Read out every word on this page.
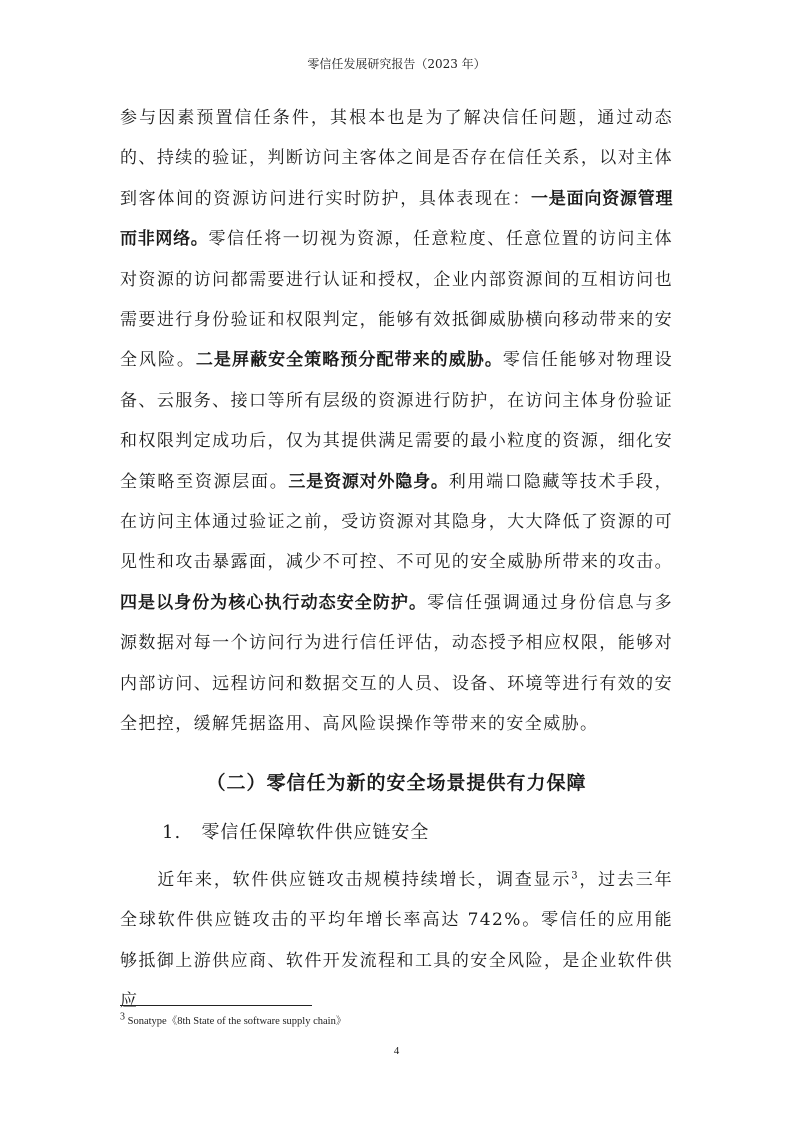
零信任发展研究报告（2023 年）

参与因素预置信任条件，其根本也是为了解决信任问题，通过动态的、持续的验证，判断访问主客体之间是否存在信任关系，以对主体到客体间的资源访问进行实时防护，具体表现在：一是面向资源管理而非网络。零信任将一切视为资源，任意粒度、任意位置的访问主体对资源的访问都需要进行认证和授权，企业内部资源间的互相访问也需要进行身份验证和权限判定，能够有效抵御威胁横向移动带来的安全风险。二是屏蔽安全策略预分配带来的威胁。零信任能够对物理设备、云服务、接口等所有层级的资源进行防护，在访问主体身份验证和权限判定成功后，仅为其提供满足需要的最小粒度的资源，细化安全策略至资源层面。三是资源对外隐身。利用端口隐藏等技术手段，在访问主体通过验证之前，受访资源对其隐身，大大降低了资源的可见性和攻击暴露面，减少不可控、不可见的安全威胁所带来的攻击。四是以身份为核心执行动态安全防护。零信任强调通过身份信息与多源数据对每一个访问行为进行信任评估，动态授予相应权限，能够对内部访问、远程访问和数据交互的人员、设备、环境等进行有效的安全把控，缓解凭据盗用、高风险误操作等带来的安全威胁。

（二）零信任为新的安全场景提供有力保障
1. 零信任保障软件供应链安全

近年来，软件供应链攻击规模持续增长，调查显示$^3$，过去三年全球软件供应链攻击的平均年增长率高达 742%。零信任的应用能够抵御上游供应商、软件开发流程和工具的安全风险，是企业软件供应

$^3$ Sonatype《8th State of the software supply chain》
4
